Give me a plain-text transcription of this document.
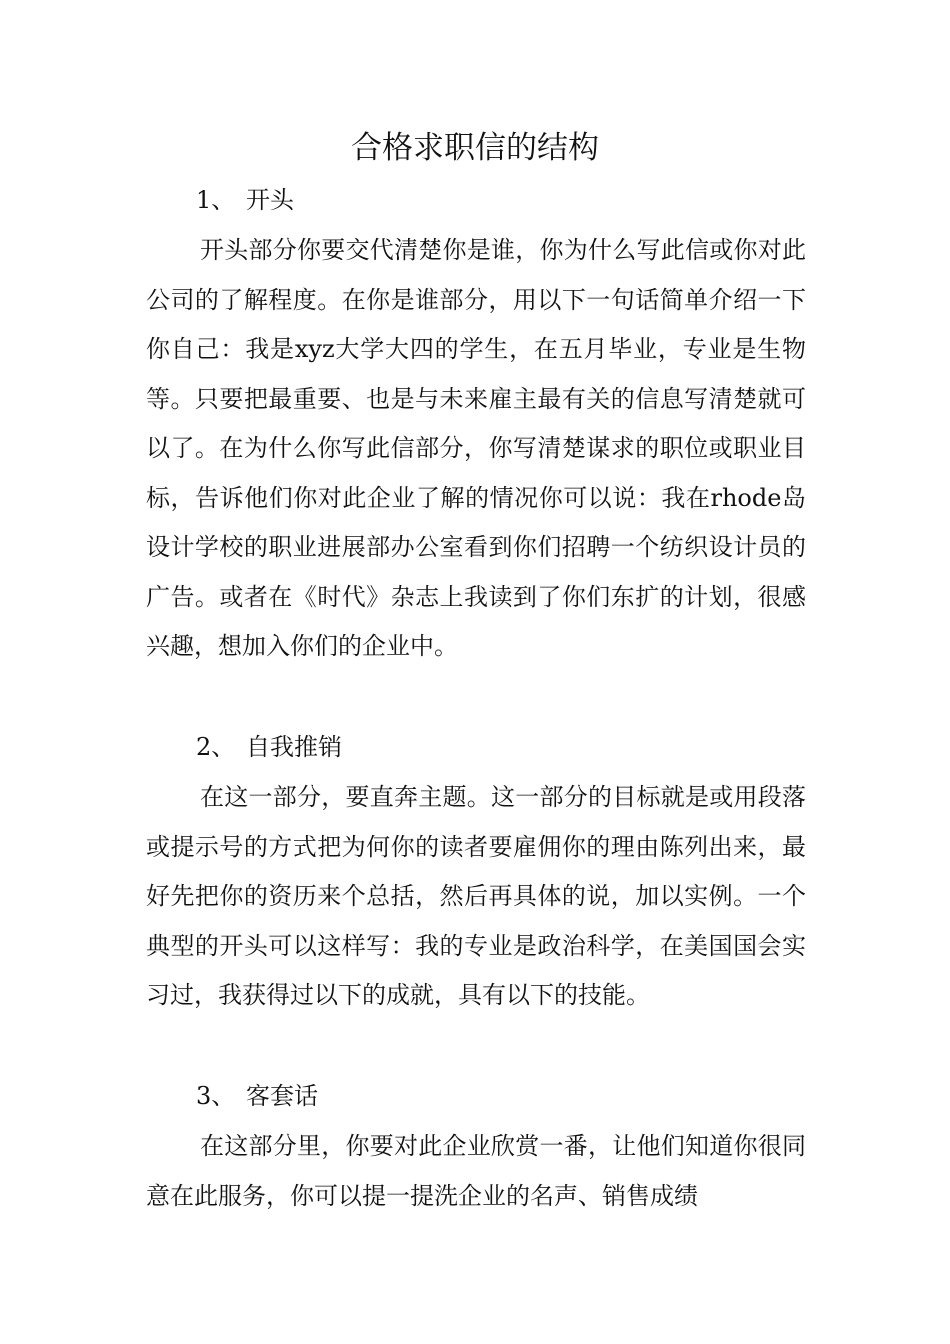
合格求职信的结构
1、 开头

开头部分你要交代清楚你是谁，你为什么写此信或你对此公司的了解程度。在你是谁部分，用以下一句话简单介绍一下你自己：我是xyz大学大四的学生，在五月毕业，专业是生物等。只要把最重要、也是与未来雇主最有关的信息写清楚就可以了。在为什么你写此信部分，你写清楚谋求的职位或职业目标，告诉他们你对此企业了解的情况你可以说：我在rhode岛设计学校的职业进展部办公室看到你们招聘一个纺织设计员的广告。或者在《时代》杂志上我读到了你们东扩的计划，很感兴趣，想加入你们的企业中。

2、 自我推销

在这一部分，要直奔主题。这一部分的目标就是或用段落或提示号的方式把为何你的读者要雇佣你的理由陈列出来，最好先把你的资历来个总括，然后再具体的说，加以实例。一个典型的开头可以这样写：我的专业是政治科学，在美国国会实习过，我获得过以下的成就，具有以下的技能。

3、 客套话

在这部分里，你要对此企业欣赏一番，让他们知道你很同意在此服务，你可以提一提洗企业的名声、销售成绩
